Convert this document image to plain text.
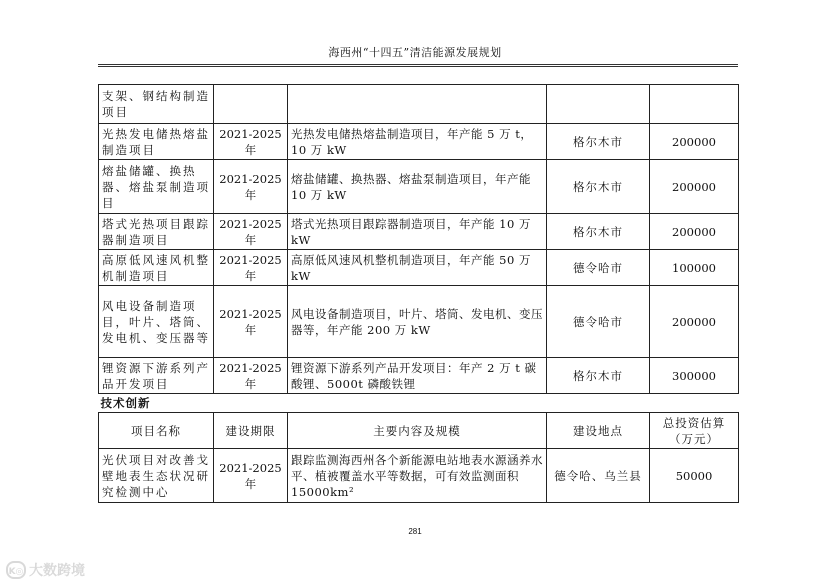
海西州“十四五”清洁能源发展规划
支架、钢结构制造项目				
光热发电储热熔盐制造项目	2021-2025年	光热发电储热熔盐制造项目，年产能 5 万 t，10 万 kW	格尔木市	200000
熔盐储罐、换热器、熔盐泵制造项目	2021-2025年	熔盐储罐、换热器、熔盐泵制造项目，年产能 10 万 kW	格尔木市	200000
塔式光热项目跟踪器制造项目	2021-2025年	塔式光热项目跟踪器制造项目，年产能 10 万 kW	格尔木市	200000
高原低风速风机整机制造项目	2021-2025年	高原低风速风机整机制造项目，年产能 50 万 kW	德令哈市	100000
风电设备制造项目，叶片、塔筒、发电机、变压器等	2021-2025年	风电设备制造项目，叶片、塔筒、发电机、变压器等，年产能 200 万 kW	德令哈市	200000
锂资源下游系列产品开发项目	2021-2025年	锂资源下游系列产品开发项目：年产 2 万 t 碳酸锂、5000t 磷酸铁锂	格尔木市	300000
技术创新				
项目名称	建设期限	主要内容及规模	建设地点	总投资估算（万元）
光伏项目对改善戈壁地表生态状况研究检测中心	2021-2025年	跟踪监测海西州各个新能源电站地表水源涵养水平、植被覆盖水平等数据，可有效监测面积 15000km²	德令哈、乌兰县	50000
281
K◎ 大数跨境
